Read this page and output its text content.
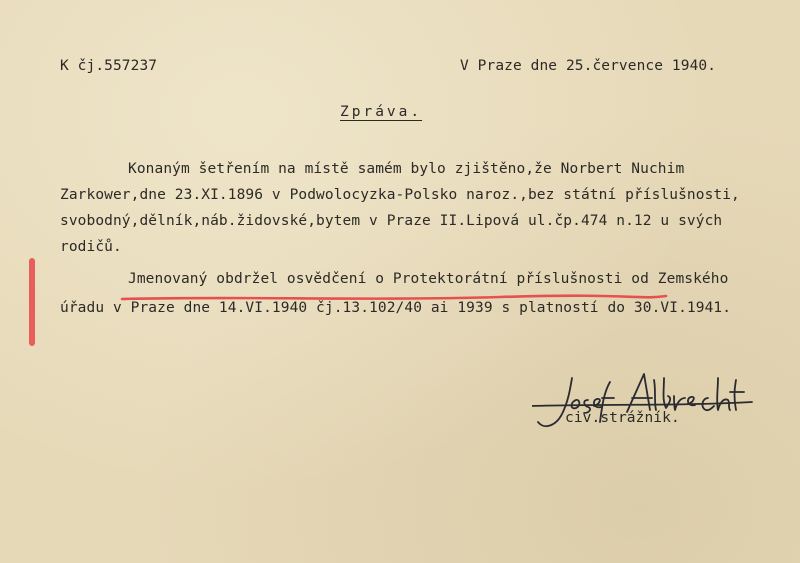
K čj.557237	V Praze dne 25.července 1940.
Zpráva.
Konaným šetřením na místě samém bylo zjištěno,že Norbert Nuchim
Zarkower,dne 23.XI.1896 v Podwolocyzka-Polsko naroz.,bez státní příslušnosti,
svobodný,dělník,náb.židovské,bytem v Praze II.Lipová ul.čp.474 n.12 u svých
rodičů.
Jmenovaný obdržel osvědčení o Protektorátní příslušnosti od Zemského
úřadu v Praze dne 14.VI.1940 čj.13.102/40 ai 1939 s platností do 30.VI.1941.
civ.strážník.
